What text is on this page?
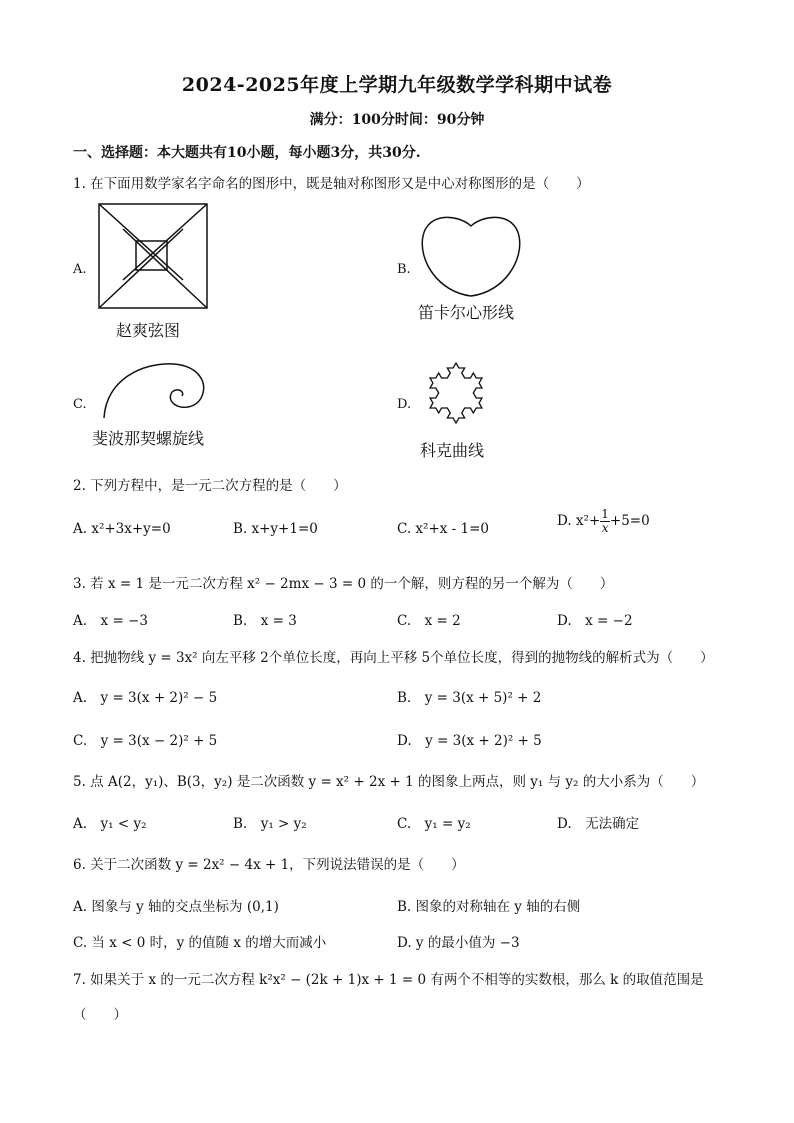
2024-2025年度上学期九年级数学学科期中试卷
满分：100分时间：90分钟
一、选择题：本大题共有10小题，每小题3分，共30分.
1. 在下面用数学家名字命名的图形中，既是轴对称图形又是中心对称图形的是（　　）
A.
赵爽弦图
B.
笛卡尔心形线
C.
斐波那契螺旋线
D.
科克曲线
2. 下列方程中，是一元二次方程的是（　　）
A. x²+3x+y=0	B. x+y+1=0	C. x²+x - 1=0	D. $x^2+ \frac{1}{x} +5=0$
3. 若 x = 1 是一元二次方程 x² − 2mx − 3 = 0 的一个解，则方程的另一个解为（　　）
A.　x = −3	B.　x = 3	C.　x = 2	D.　x = −2
4. 把抛物线 y = 3x² 向左平移 2个单位长度，再向上平移 5个单位长度，得到的抛物线的解析式为（　　）
A.　y = 3(x + 2)² − 5	B.　y = 3(x + 5)² + 2
C.　y = 3(x − 2)² + 5	D.　y = 3(x + 2)² + 5
5. 点 A(2，y₁)、B(3，y₂) 是二次函数 y = x² + 2x + 1 的图象上两点，则 y₁ 与 y₂ 的大小系为（　　）
A.　y₁ < y₂	B.　y₁ > y₂	C.　y₁ = y₂	D.　无法确定
6. 关于二次函数 y = 2x² − 4x + 1，下列说法错误的是（　　）
A. 图象与 y 轴的交点坐标为 (0,1)	B. 图象的对称轴在 y 轴的右侧
C. 当 x < 0 时，y 的值随 x 的增大而减小	D. y 的最小值为 −3
7. 如果关于 x 的一元二次方程 k²x² − (2k + 1)x + 1 = 0 有两个不相等的实数根，那么 k 的取值范围是
（　　）
